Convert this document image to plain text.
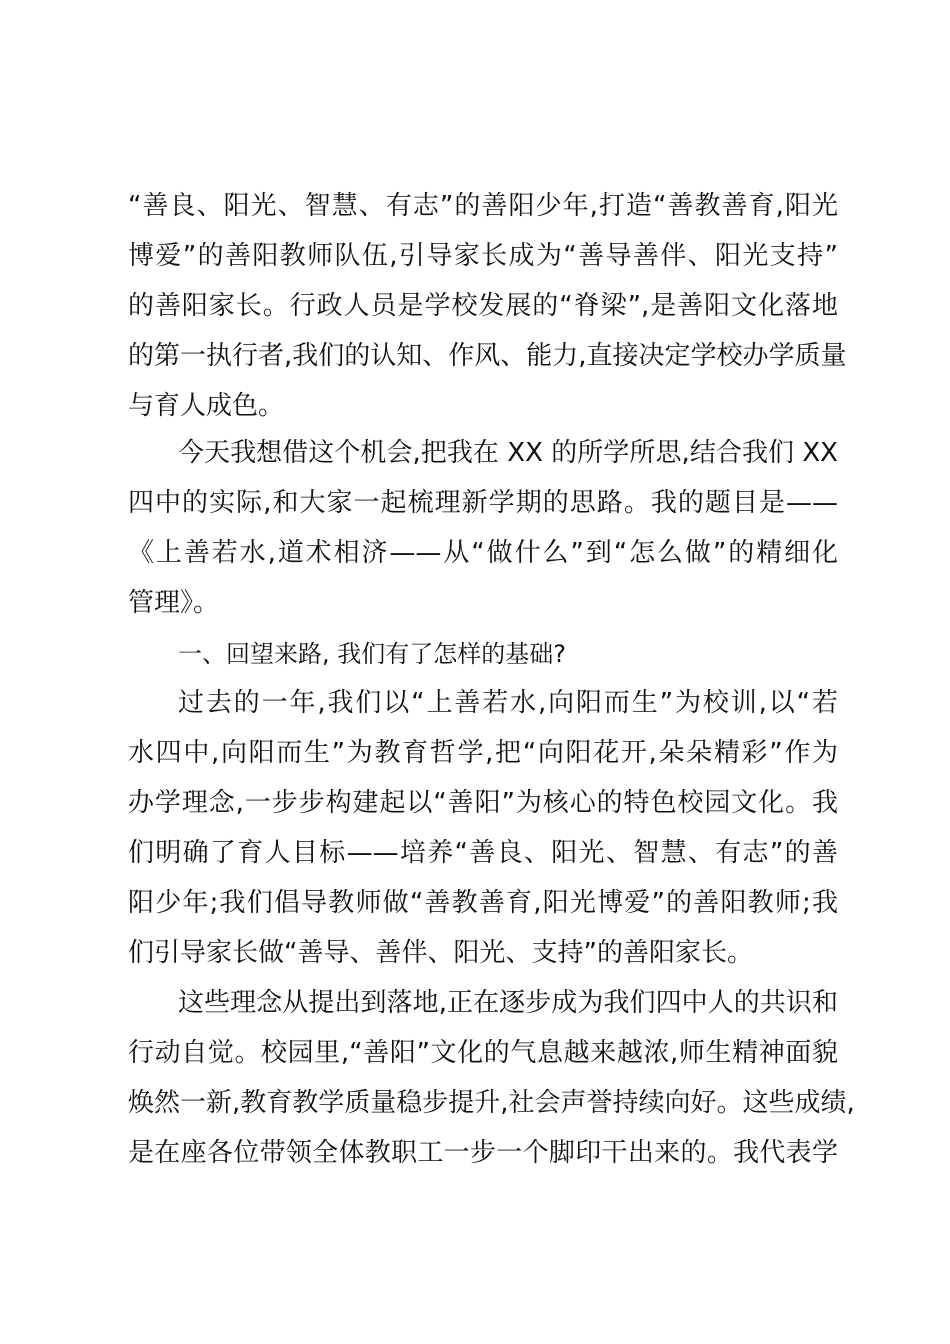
“善良、阳光、智慧、有志”的善阳少年,打造“善教善育,阳光

博爱”的善阳教师队伍,引导家长成为“善导善伴、阳光支持”

的善阳家长。行政人员是学校发展的“脊梁”,是善阳文化落地

的第一执行者,我们的认知、作风、能力,直接决定学校办学质量

与育人成色。

今天我想借这个机会,把我在 XX 的所学所思,结合我们 XX

四中的实际,和大家一起梳理新学期的思路。我的题目是——

《上善若水,道术相济——从“做什么”到“怎么做”的精细化

管理》。

一、回望来路, 我们有了怎样的基础?

过去的一年,我们以“上善若水,向阳而生”为校训,以“若

水四中,向阳而生”为教育哲学,把“向阳花开,朵朵精彩”作为

办学理念,一步步构建起以“善阳”为核心的特色校园文化。我

们明确了育人目标——培养“善良、阳光、智慧、有志”的善

阳少年;我们倡导教师做“善教善育,阳光博爱”的善阳教师;我

们引导家长做“善导、善伴、阳光、支持”的善阳家长。

这些理念从提出到落地,正在逐步成为我们四中人的共识和

行动自觉。校园里,“善阳”文化的气息越来越浓,师生精神面貌

焕然一新,教育教学质量稳步提升,社会声誉持续向好。这些成绩,

是在座各位带领全体教职工一步一个脚印干出来的。我代表学
